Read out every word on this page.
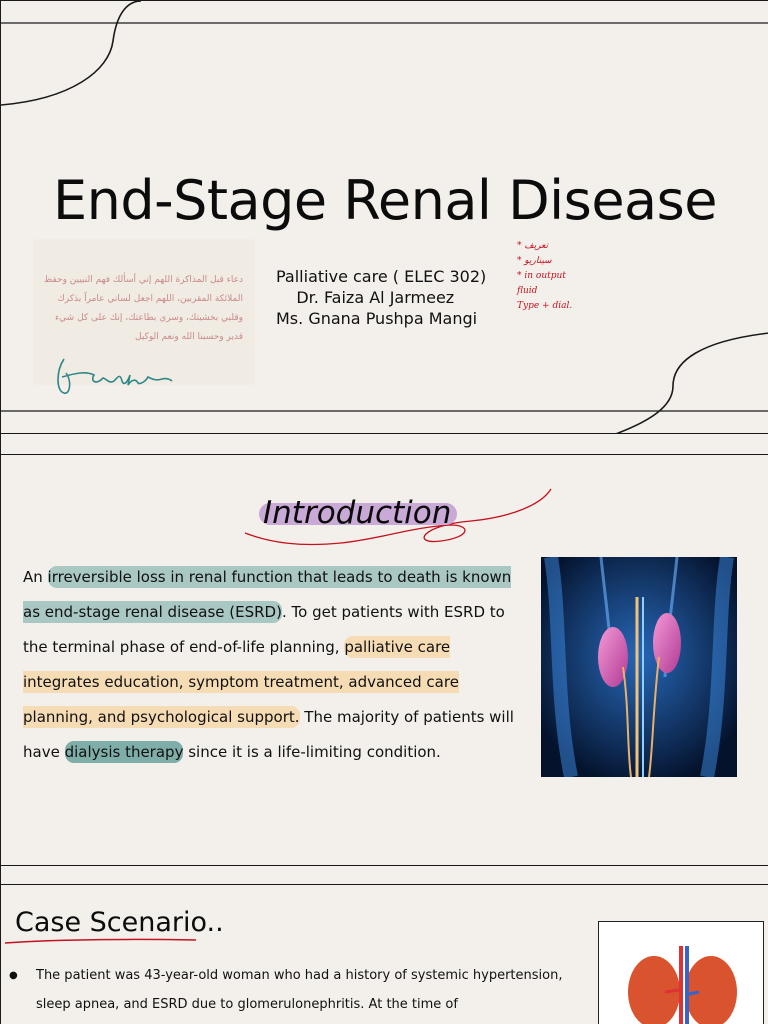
End-Stage Renal Disease
دعاء قبل المذاكرة اللهم إني أسألك فهم النبيين وحفظ الملائكة المقربين، اللهم اجعل لساني عامراً بذكرك وقلبي بخشيتك، وسري بطاعتك، إنك على كل شيء قدير وحسبنا الله ونعم الوكيل
Palliative care ( ELEC 302)
Dr. Faiza Al Jarmeez
Ms. Gnana Pushpa Mangi
* تعريف
* سيناريو
* in output
fluid
Type + dial.
Introduction
An irreversible loss in renal function that leads to death is known as end-stage renal disease (ESRD). To get patients with ESRD to the terminal phase of end-of-life planning, palliative care integrates education, symptom treatment, advanced care planning, and psychological support. The majority of patients will have dialysis therapy since it is a life-limiting condition.
Case Scenario..
●	The patient was 43-year-old woman who had a history of systemic hypertension, sleep apnea, and ESRD due to glomerulonephritis. At the time of
